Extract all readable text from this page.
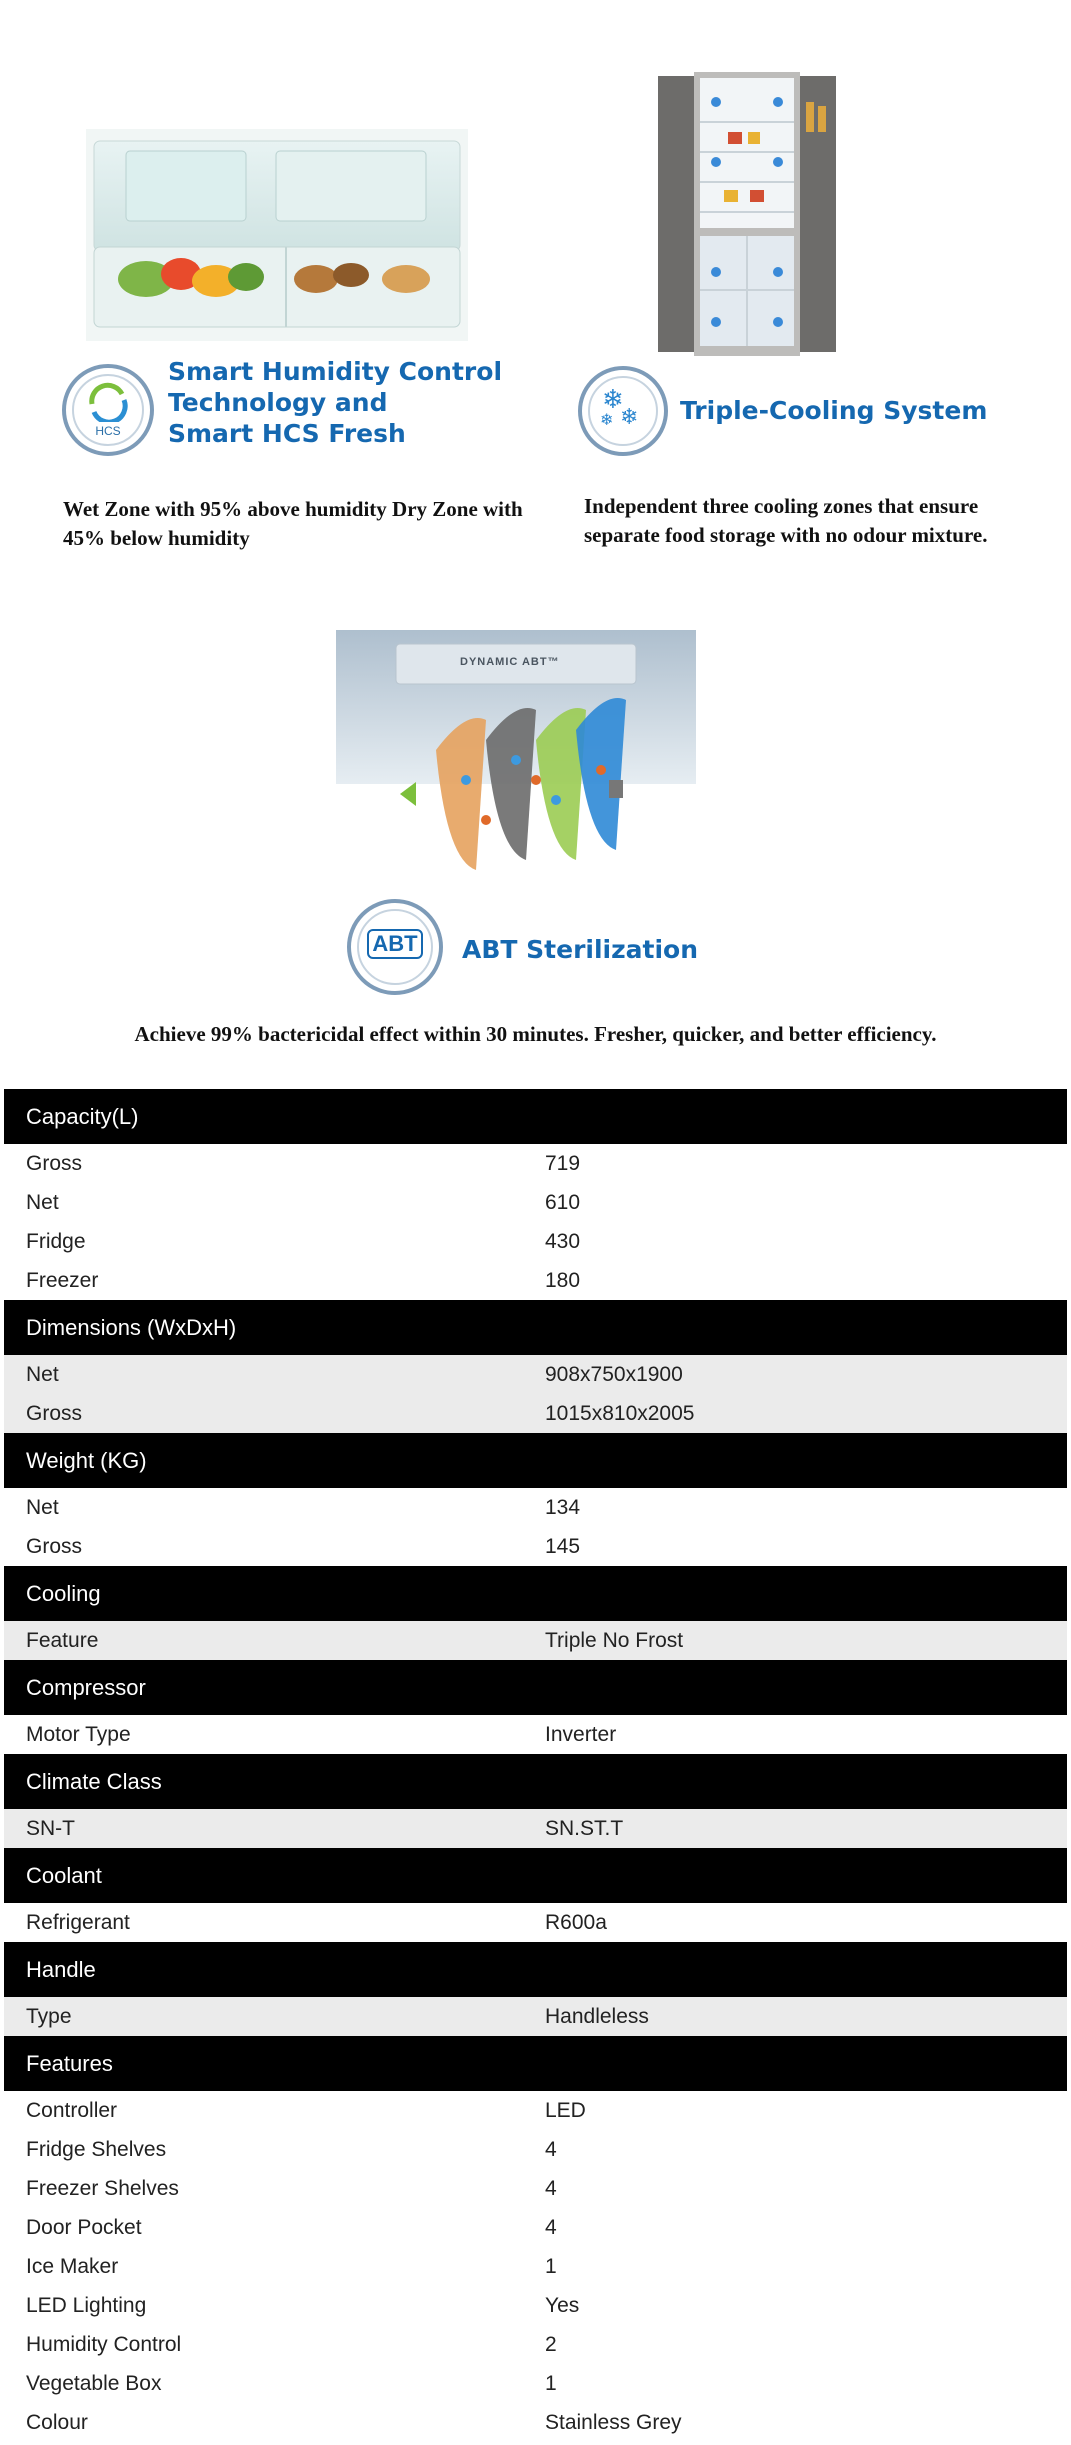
HCS
Smart Humidity Control
Technology and
Smart HCS Fresh
Wet Zone with 95% above humidity Dry Zone with 45% below humidity
❄
❄
❄	Triple-Cooling System
Independent three cooling zones that ensure separate food storage with no odour mixture.
DYNAMIC ABT™
ABT ABT Sterilization
Achieve 99% bactericidal effect within 30 minutes. Fresher, quicker, and better efficiency.
Capacity(L)	
Gross	719
Net	610
Fridge	430
Freezer	180
Dimensions (WxDxH)	
Net	908x750x1900
Gross	1015x810x2005
Weight (KG)	
Net	134
Gross	145
Cooling	
Feature	Triple No Frost
Compressor	
Motor Type	Inverter
Climate Class	
SN-T	SN.ST.T
Coolant	
Refrigerant	R600a
Handle	
Type	Handleless
Features	
Controller	LED
Fridge Shelves	4
Freezer Shelves	4
Door Pocket	4
Ice Maker	1
LED Lighting	Yes
Humidity Control	2
Vegetable Box	1
Colour	Stainless Grey
